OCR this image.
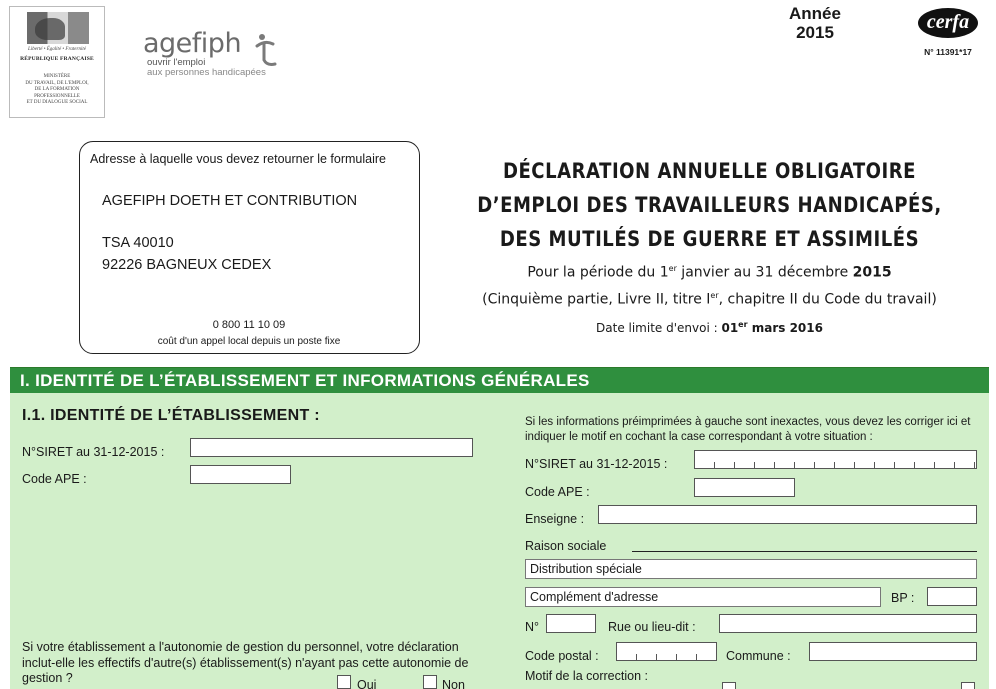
Liberté • Égalité • Fraternité
RÉPUBLIQUE FRANÇAISE
MINISTÈRE
DU TRAVAIL, DE L'EMPLOI,
DE LA FORMATION
PROFESSIONNELLE
ET DU DIALOGUE SOCIAL
agefiph
ouvrir l'emploi
aux personnes handicapées
Année
2015	cerfa
N° 11391*17
Adresse à laquelle vous devez retourner le formulaire
AGEFIPH DOETH ET CONTRIBUTION
TSA 40010
92226 BAGNEUX CEDEX
0 800 11 10 09
coût d'un appel local depuis un poste fixe
DÉCLARATION ANNUELLE OBLIGATOIRE
D’EMPLOI DES TRAVAILLEURS HANDICAPÉS,
DES MUTILÉS DE GUERRE ET ASSIMILÉS
Pour la période du 1er janvier au 31 décembre 2015
(Cinquième partie, Livre II, titre Ier, chapitre II du Code du travail)
Date limite d'envoi : 01er mars 2016
I. IDENTITÉ DE L’ÉTABLISSEMENT ET INFORMATIONS GÉNÉRALES
I.1. IDENTITÉ DE L’ÉTABLISSEMENT :
N°SIRET au 31-12-2015 :
Code APE :
Si votre établissement a l'autonomie de gestion du personnel, votre déclaration inclut-elle les effectifs d'autre(s) établissement(s) n'ayant pas cette autonomie de gestion ?	Oui	Non
Si les informations préimprimées à gauche sont inexactes, vous devez les corriger ici et indiquer le motif en cochant la case correspondant à votre situation :
N°SIRET au 31-12-2015 :
Code APE :
Enseigne :
Raison sociale
Distribution spéciale
Complément d'adresse	BP :
N°	Rue ou lieu-dit :
Code postal :	Commune :
Motif de la correction :
